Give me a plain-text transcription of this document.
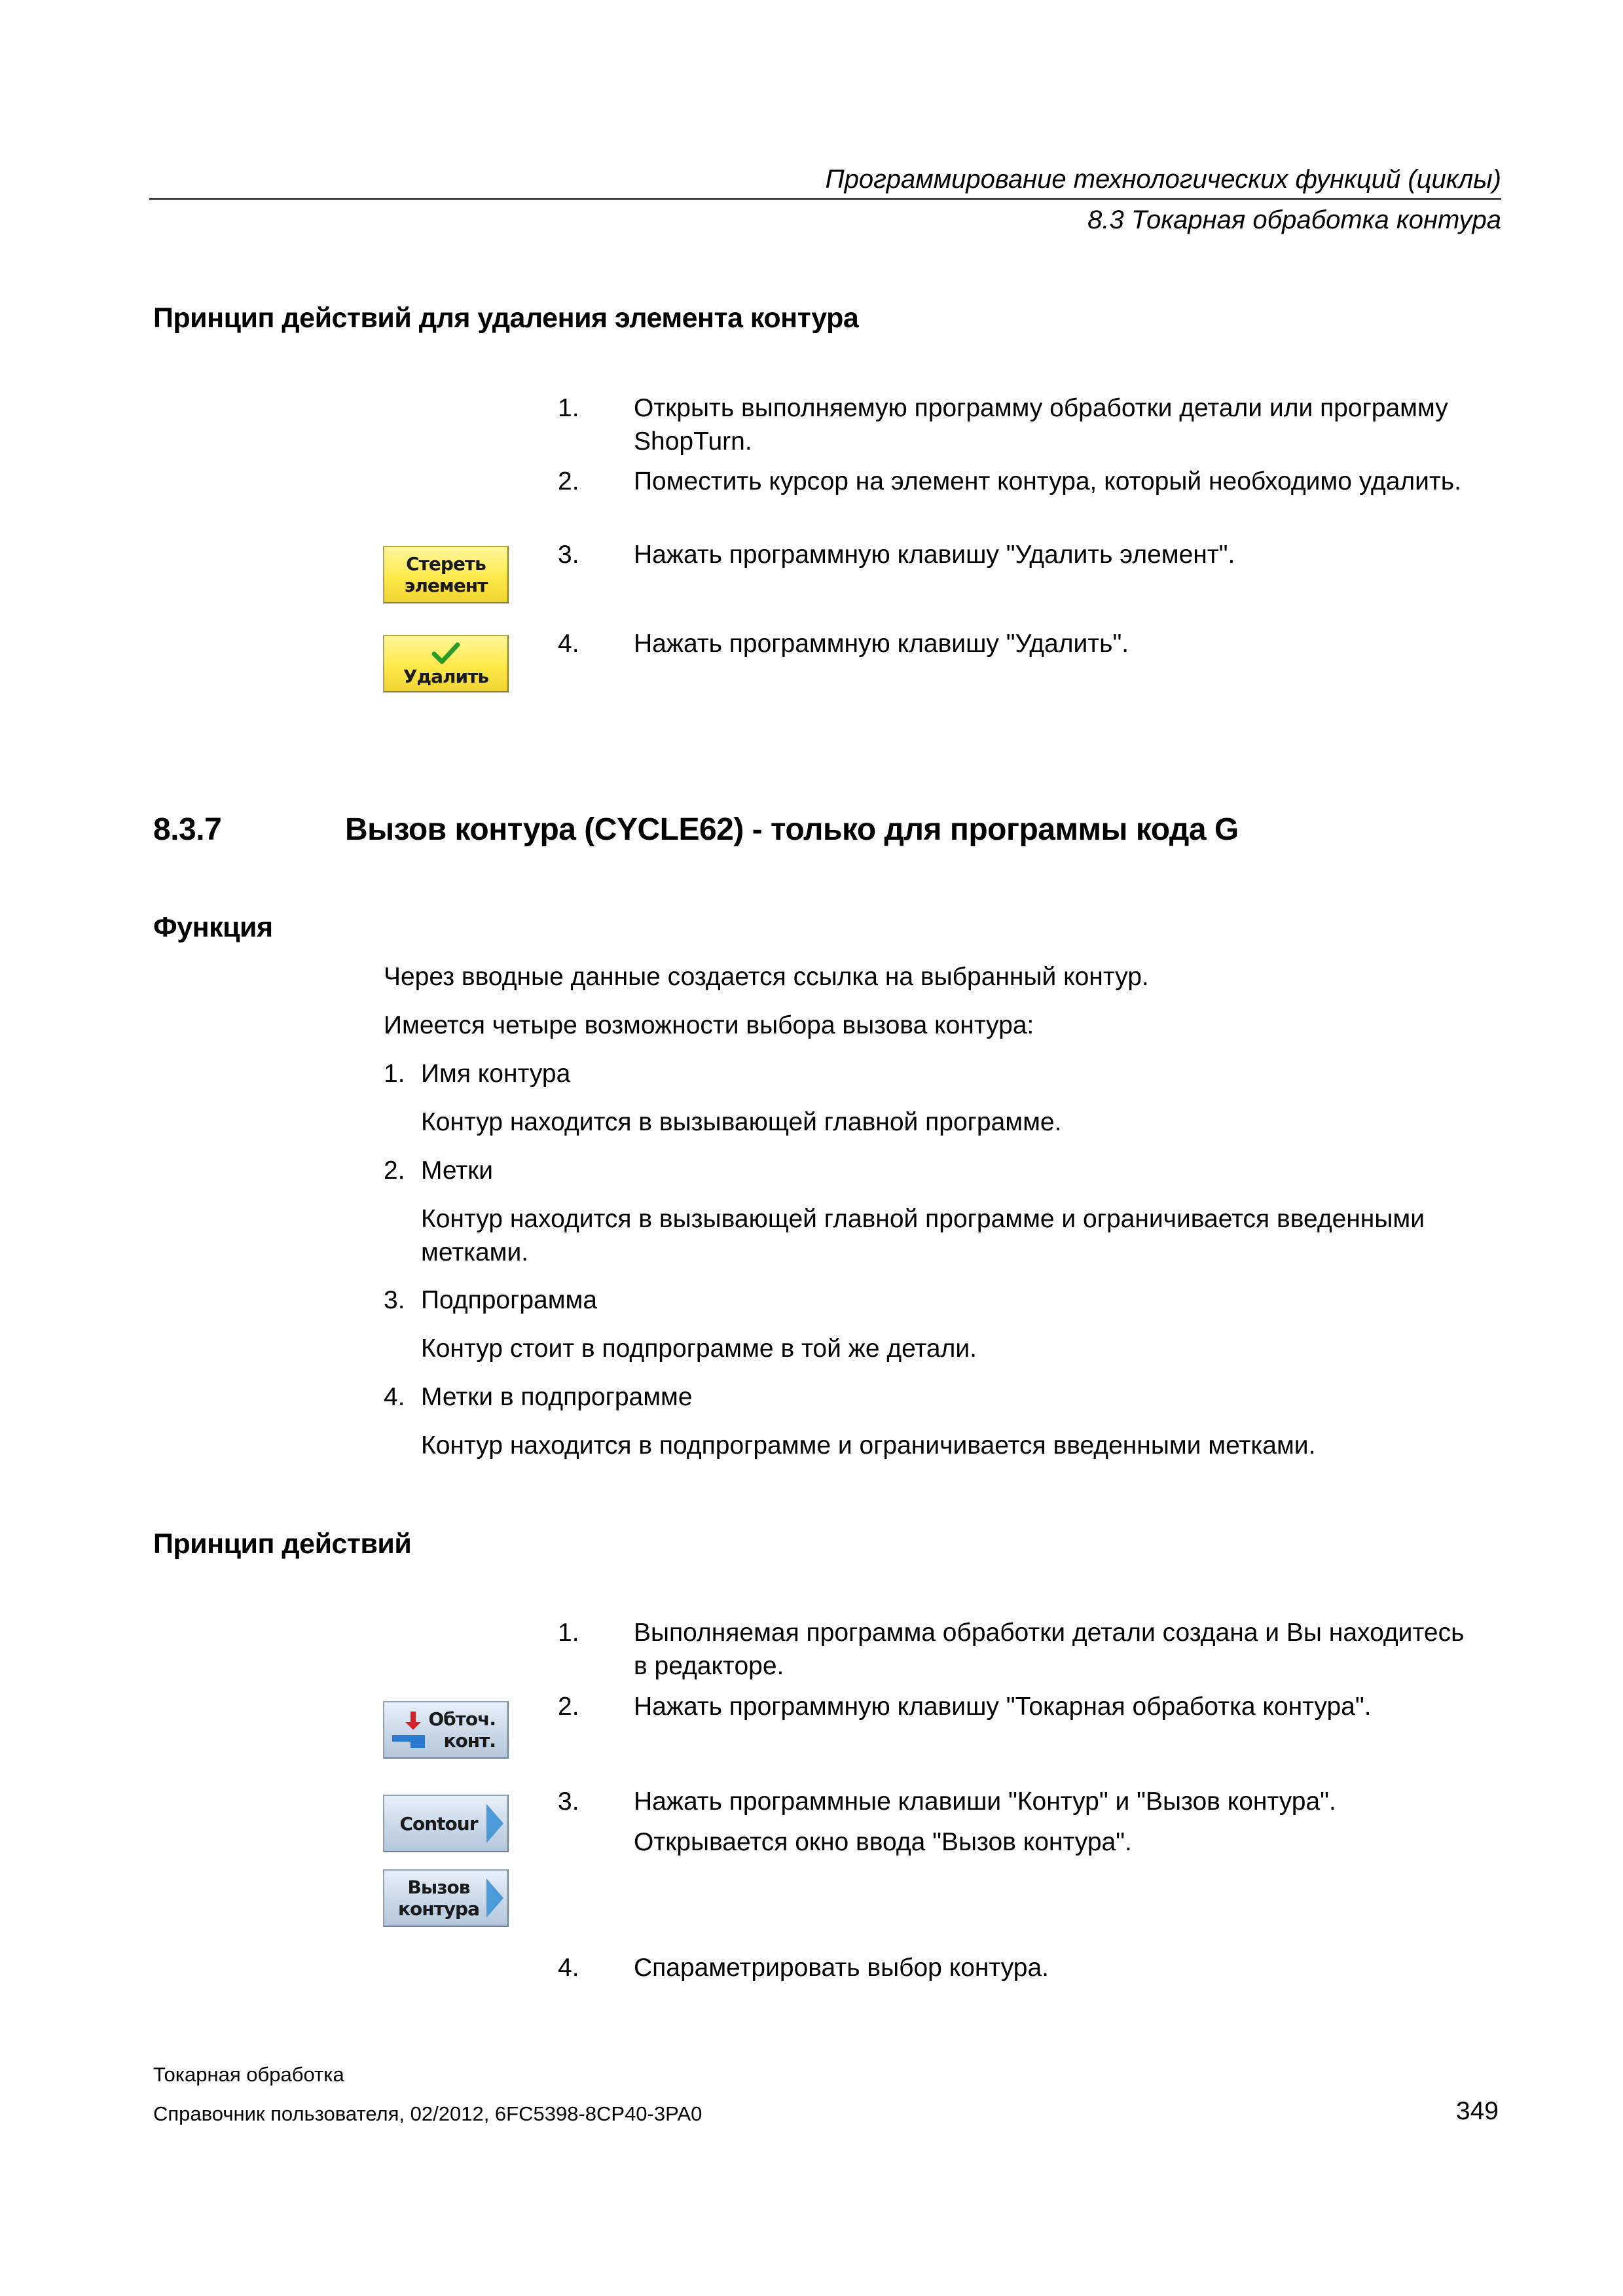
Программирование технологических функций (циклы)
8.3 Токарная обработка контура
Принцип действий для удаления элемента контура
1. Открыть выполняемую программу обработки детали или программу ShopTurn.
2. Поместить курсор на элемент контура, который необходимо удалить.
3. Нажать программную клавишу "Удалить элемент".
4. Нажать программную клавишу "Удалить".
Стереть
элемент
Удалить
8.3.7	Вызов контура (CYCLE62) - только для программы кода G
Функция
Через вводные данные создается ссылка на выбранный контур.
Имеется четыре возможности выбора вызова контура:
1. Имя контура
Контур находится в вызывающей главной программе.
2. Метки
Контур находится в вызывающей главной программе и ограничивается введенными метками.
3. Подпрограмма
Контур стоит в подпрограмме в той же детали.
4. Метки в подпрограмме
Контур находится в подпрограмме и ограничивается введенными метками.
Принцип действий
1. Выполняемая программа обработки детали создана и Вы находитесь в редакторе.
2. Нажать программную клавишу "Токарная обработка контура".
3. Нажать программные клавиши "Контур" и "Вызов контура".
Открывается окно ввода "Вызов контура".
4. Спараметрировать выбор контура.
Обточ.
конт.
Contour
Вызов
контура
Токарная обработка
Справочник пользователя, 02/2012, 6FC5398-8CP40-3PA0	349
